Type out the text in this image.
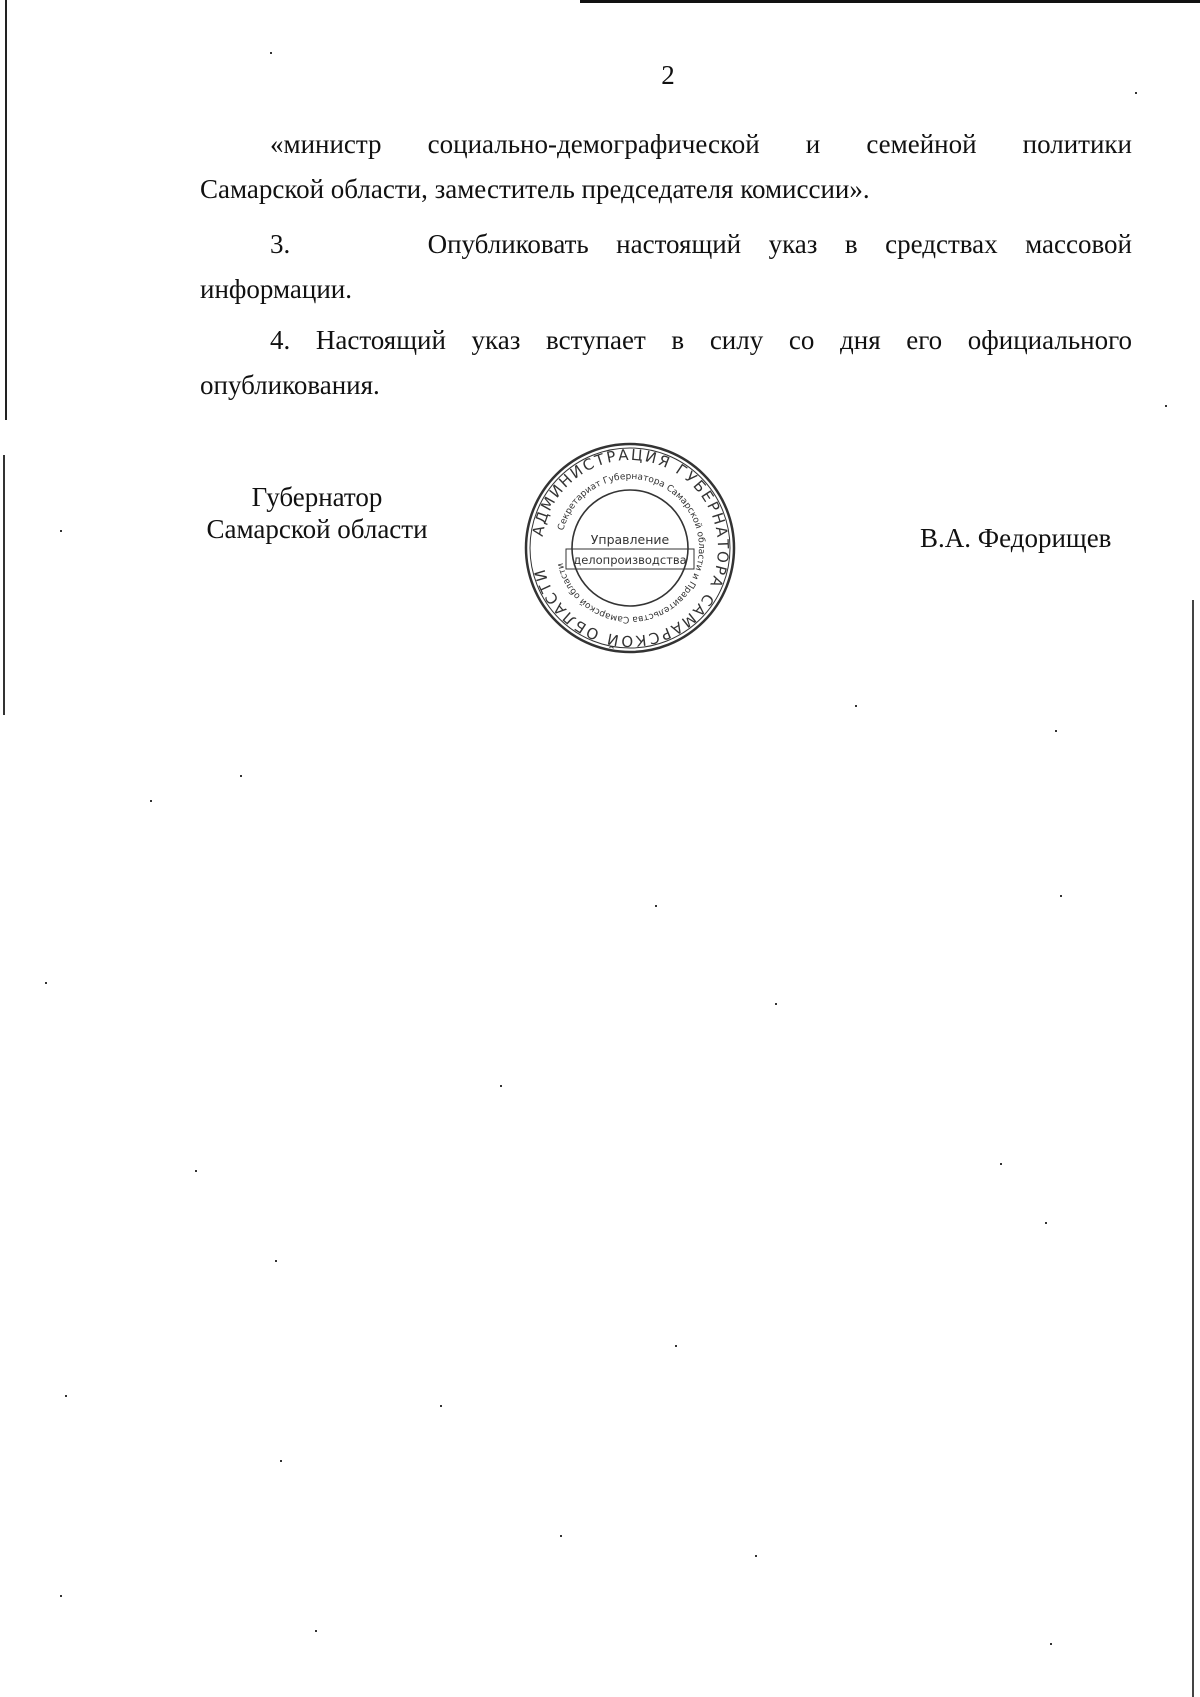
2
«министр социально-демографической и семейной политики
Самарской области, заместитель председателя комиссии».
3.	Опубликовать настоящий указ в средствах массовой
информации.
4. Настоящий указ вступает в силу со дня его официального
опубликования.
Губернатор
Самарской области	В.А. Федорищев
АДМИНИСТРАЦИЯ ГУБЕРНАТОРА САМАРСКОЙ ОБЛАСТИ
Секретариат Губернатора Самарской области и Правительства Самарской области
Управление
делопроизводства
